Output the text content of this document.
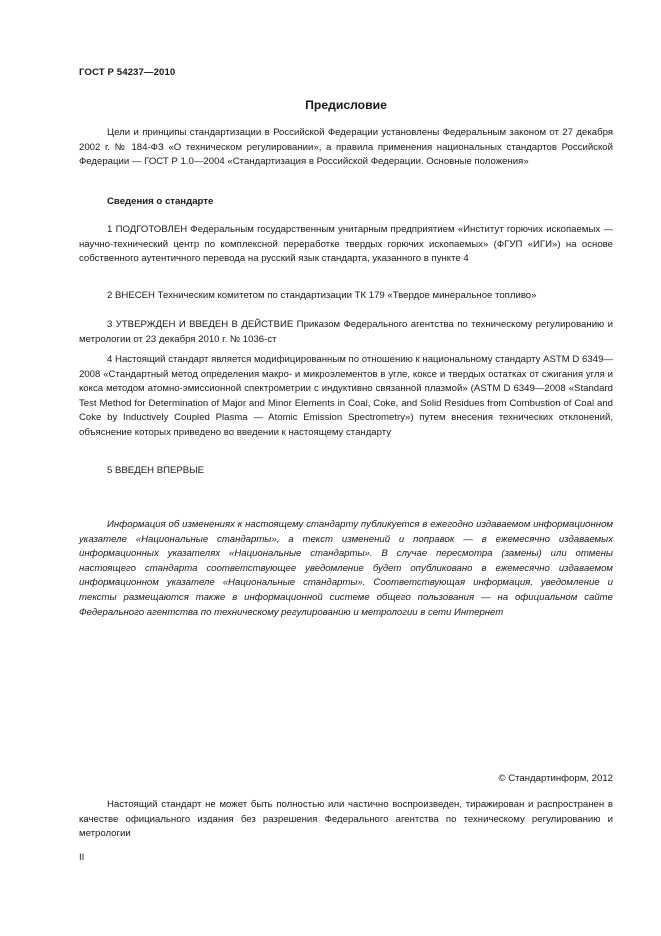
ГОСТ Р 54237—2010
Предисловие
Цели и принципы стандартизации в Российской Федерации установлены Федеральным законом от 27 декабря 2002 г. № 184-ФЗ «О техническом регулировании», а правила применения национальных стандартов Российской Федерации — ГОСТ Р 1.0—2004 «Стандартизация в Российской Федерации. Основные положения»
Сведения о стандарте
1 ПОДГОТОВЛЕН Федеральным государственным унитарным предприятием «Институт горючих ископаемых — научно-технический центр по комплексной переработке твердых горючих ископаемых» (ФГУП «ИГИ») на основе собственного аутентичного перевода на русский язык стандарта, указанного в пункте 4
2 ВНЕСЕН Техническим комитетом по стандартизации ТК 179 «Твердое минеральное топливо»
3 УТВЕРЖДЕН И ВВЕДЕН В ДЕЙСТВИЕ Приказом Федерального агентства по техническому регулированию и метрологии от 23 декабря 2010 г. № 1036-ст
4 Настоящий стандарт является модифицированным по отношению к национальному стандарту ASTM D 6349—2008 «Стандартный метод определения макро- и микроэлементов в угле, коксе и твердых остатках от сжигания угля и кокса методом атомно-эмиссионной спектрометрии с индуктивно связанной плазмой» (ASTM D 6349—2008 «Standard Test Method for Determination of Major and Minor Elements in Coal, Coke, and Solid Residues from Combustion of Coal and Coke by Inductively Coupled Plasma — Atomic Emission Spectrometry») путем внесения технических отклонений, объяснение которых приведено во введении к настоящему стандарту
5 ВВЕДЕН ВПЕРВЫЕ
Информация об изменениях к настоящему стандарту публикуется в ежегодно издаваемом информационном указателе «Национальные стандарты», а текст изменений и поправок — в ежемесячно издаваемых информационных указателях «Национальные стандарты». В случае пересмотра (замены) или отмены настоящего стандарта соответствующее уведомление будет опубликовано в ежемесячно издаваемом информационном указателе «Национальные стандарты». Соответствующая информация, уведомление и тексты размещаются также в информационной системе общего пользования — на официальном сайте Федерального агентства по техническому регулированию и метрологии в сети Интернет
© Стандартинформ, 2012
Настоящий стандарт не может быть полностью или частично воспроизведен, тиражирован и распространен в качестве официального издания без разрешения Федерального агентства по техническому регулированию и метрологии
II
